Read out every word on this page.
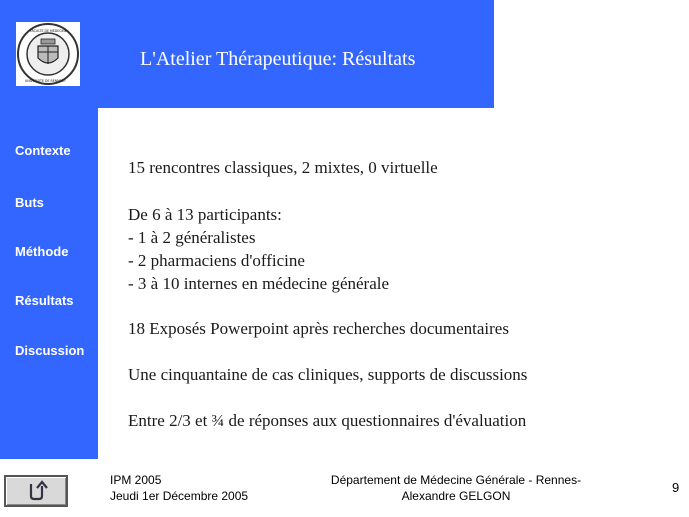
FACULTE DE MEDECINE
UNIVERSITE DE RENNES I
L'Atelier Thérapeutique: Résultats
Contexte
Buts
Méthode
Résultats
Discussion
15 rencontres classiques, 2 mixtes, 0 virtuelle
De 6 à 13 participants:
- 1 à 2 généralistes
- 2 pharmaciens d'officine
- 3 à 10 internes en médecine générale
18 Exposés Powerpoint après recherches documentaires
Une cinquantaine de cas cliniques, supports de discussions
Entre 2/3 et ¾ de réponses aux questionnaires d'évaluation
IPM 2005
Jeudi 1er Décembre 2005
Département de Médecine Générale - Rennes-
Alexandre GELGON
9
